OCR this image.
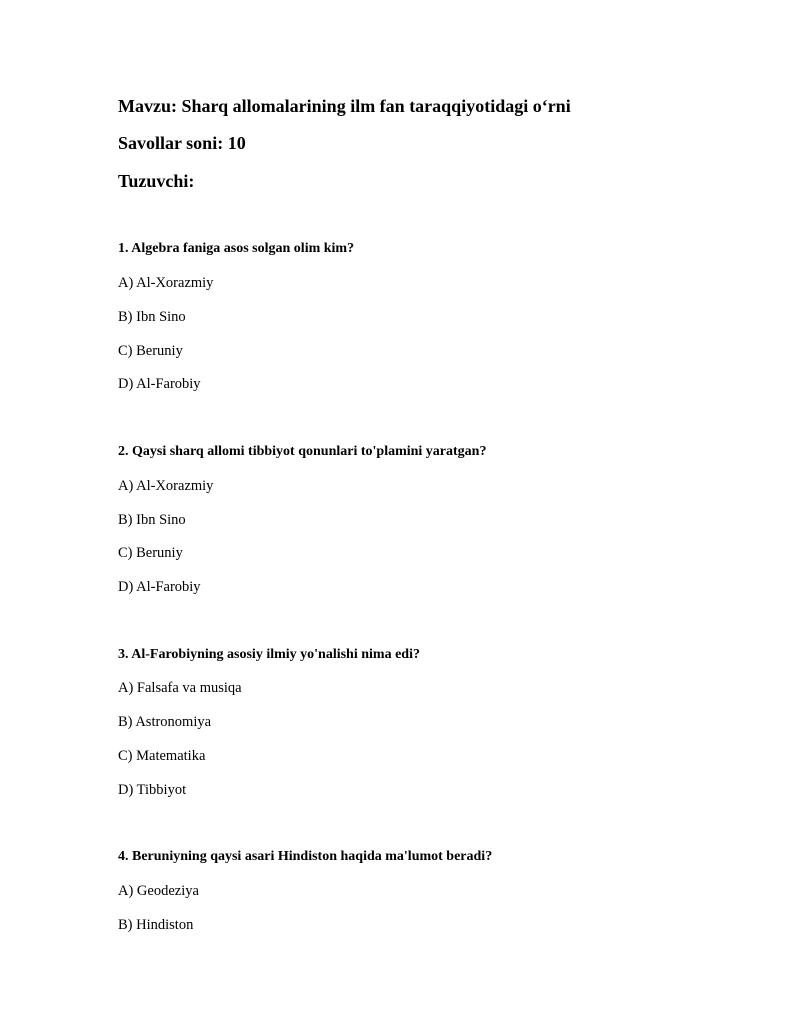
Mavzu: Sharq allomalarining ilm fan taraqqiyotidagi o‘rni
Savollar soni: 10
Tuzuvchi:
1. Algebra faniga asos solgan olim kim?
A) Al-Xorazmiy
B) Ibn Sino
C) Beruniy
D) Al-Farobiy
2. Qaysi sharq allomi tibbiyot qonunlari to'plamini yaratgan?
A) Al-Xorazmiy
B) Ibn Sino
C) Beruniy
D) Al-Farobiy
3. Al-Farobiyning asosiy ilmiy yo'nalishi nima edi?
A) Falsafa va musiqa
B) Astronomiya
C) Matematika
D) Tibbiyot
4. Beruniyning qaysi asari Hindiston haqida ma'lumot beradi?
A) Geodeziya
B) Hindiston
